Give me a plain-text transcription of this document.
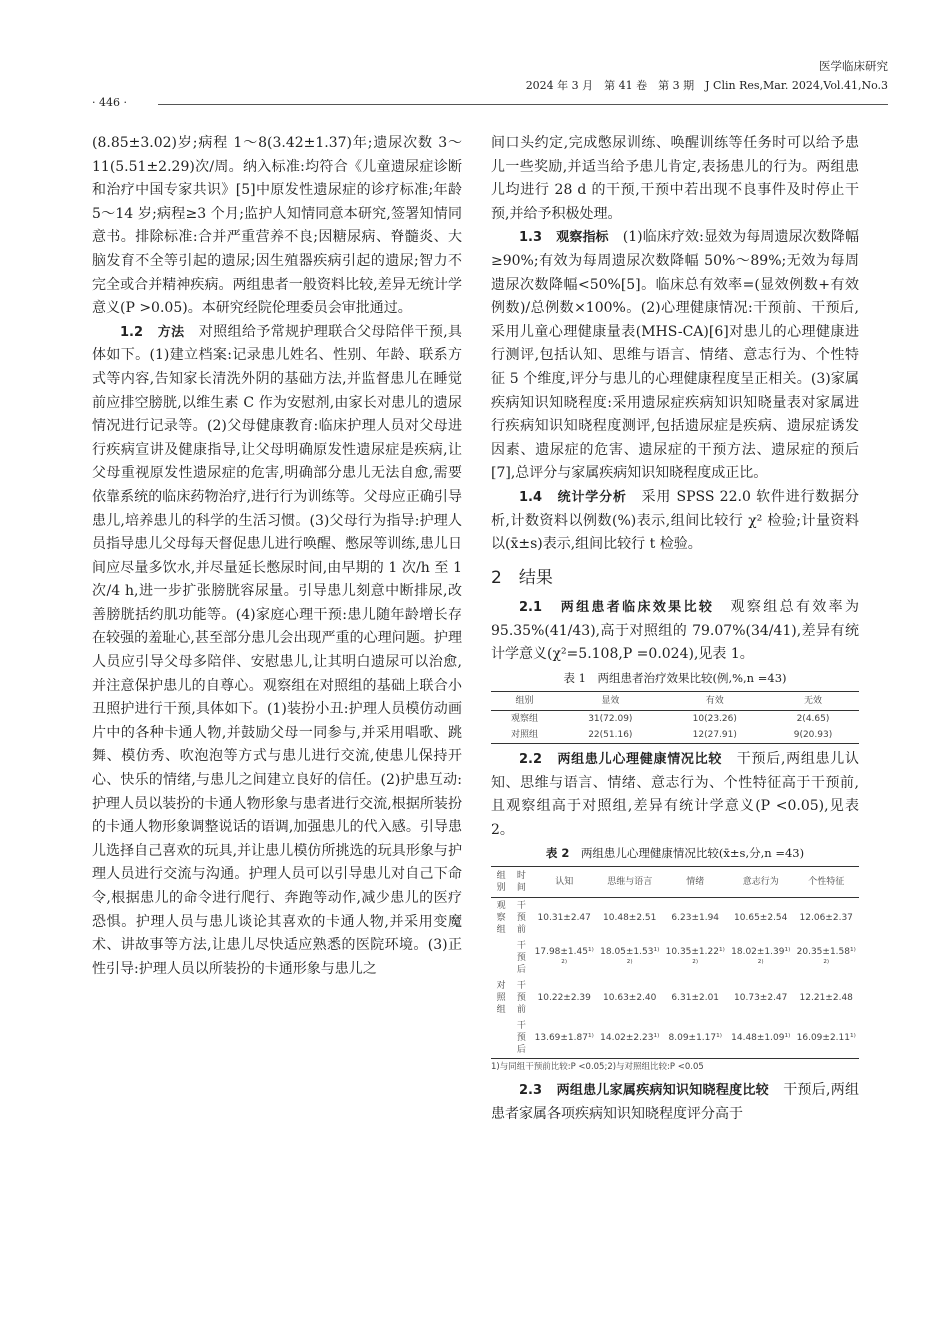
医学临床研究
2024 年 3 月　第 41 卷　第 3 期　J Clin Res,Mar. 2024,Vol.41,No.3
· 446 ·

(8.85±3.02)岁;病程 1～8(3.42±1.37)年;遗尿次数 3～11(5.51±2.29)次/周。纳入标准:均符合《儿童遗尿症诊断和治疗中国专家共识》[5]中原发性遗尿症的诊疗标准;年龄 5～14 岁;病程≥3 个月;监护人知情同意本研究,签署知情同意书。排除标准:合并严重营养不良;因糖尿病、脊髓炎、大脑发育不全等引起的遗尿;因生殖器疾病引起的遗尿;智力不完全或合并精神疾病。两组患者一般资料比较,差异无统计学意义(P >0.05)。本研究经院伦理委员会审批通过。

1.2　 方法　 对照组给予常规护理联合父母陪伴干预,具体如下。(1)建立档案:记录患儿姓名、性别、年龄、联系方式等内容,告知家长清洗外阴的基础方法,并监督患儿在睡觉前应排空膀胱,以维生素 C 作为安慰剂,由家长对患儿的遗尿情况进行记录等。(2)父母健康教育:临床护理人员对父母进行疾病宣讲及健康指导,让父母明确原发性遗尿症是疾病,让父母重视原发性遗尿症的危害,明确部分患儿无法自愈,需要依靠系统的临床药物治疗,进行行为训练等。父母应正确引导患儿,培养患儿的科学的生活习惯。(3)父母行为指导:护理人员指导患儿父母每天督促患儿进行唤醒、憋尿等训练,患儿日间应尽量多饮水,并尽量延长憋尿时间,由早期的 1 次/h 至 1 次/4 h,进一步扩张膀胱容尿量。引导患儿刻意中断排尿,改善膀胱括约肌功能等。(4)家庭心理干预:患儿随年龄增长存在较强的羞耻心,甚至部分患儿会出现严重的心理问题。护理人员应引导父母多陪伴、安慰患儿,让其明白遗尿可以治愈,并注意保护患儿的自尊心。观察组在对照组的基础上联合小丑照护进行干预,具体如下。(1)装扮小丑:护理人员模仿动画片中的各种卡通人物,并鼓励父母一同参与,并采用唱歌、跳舞、模仿秀、吹泡泡等方式与患儿进行交流,使患儿保持开心、快乐的情绪,与患儿之间建立良好的信任。(2)护患互动:护理人员以装扮的卡通人物形象与患者进行交流,根据所装扮的卡通人物形象调整说话的语调,加强患儿的代入感。引导患儿选择自己喜欢的玩具,并让患儿模仿所挑选的玩具形象与护理人员进行交流与沟通。护理人员可以引导患儿对自己下命令,根据患儿的命令进行爬行、奔跑等动作,减少患儿的医疗恐惧。护理人员与患儿谈论其喜欢的卡通人物,并采用变魔术、讲故事等方法,让患儿尽快适应熟悉的医院环境。(3)正性引导:护理人员以所装扮的卡通形象与患儿之

间口头约定,完成憋尿训练、唤醒训练等任务时可以给予患儿一些奖励,并适当给予患儿肯定,表扬患儿的行为。两组患儿均进行 28 d 的干预,干预中若出现不良事件及时停止干预,并给予积极处理。

1.3　 观察指标　 (1)临床疗效:显效为每周遗尿次数降幅≥90%;有效为每周遗尿次数降幅 50%～89%;无效为每周遗尿次数降幅<50%[5]。临床总有效率=(显效例数+有效例数)/总例数×100%。(2)心理健康情况:干预前、干预后,采用儿童心理健康量表(MHS-CA)[6]对患儿的心理健康进行测评,包括认知、思维与语言、情绪、意志行为、个性特征 5 个维度,评分与患儿的心理健康程度呈正相关。(3)家属疾病知识知晓程度:采用遗尿症疾病知识知晓量表对家属进行疾病知识知晓程度测评,包括遗尿症是疾病、遗尿症诱发因素、遗尿症的危害、遗尿症的干预方法、遗尿症的预后[7],总评分与家属疾病知识知晓程度成正比。

1.4　 统计学分析　 采用 SPSS 22.0 软件进行数据分析,计数资料以例数(%)表示,组间比较行 χ² 检验;计量资料以(x̄±s)表示,组间比较行 t 检验。

2　结果

2.1　 两组患者临床效果比较　 观察组总有效率为 95.35%(41/43),高于对照组的 79.07%(34/41),差异有统计学意义(χ²=5.108,P =0.024),见表 1。

表 1　两组患者治疗效果比较(例,%,n =43)
组别	显效	有效	无效
观察组	31(72.09)	10(23.26)	2(4.65)
对照组	22(51.16)	12(27.91)	9(20.93)

2.2　 两组患儿心理健康情况比较　 干预后,两组患儿认知、思维与语言、情绪、意志行为、个性特征高于干预前,且观察组高于对照组,差异有统计学意义(P <0.05),见表 2。

表 2　 两组患儿心理健康情况比较(x̄±s,分,n =43)
组别	时间	认知	思维与语言	情绪	意志行为	个性特征
观察组	干预前	10.31±2.47	10.48±2.51	6.23±1.94	10.65±2.54	12.06±2.37
	干预后	17.98±1.45¹⁾²⁾	18.05±1.53¹⁾²⁾	10.35±1.22¹⁾²⁾	18.02±1.39¹⁾²⁾	20.35±1.58¹⁾²⁾
对照组	干预前	10.22±2.39	10.63±2.40	6.31±2.01	10.73±2.47	12.21±2.48
	干预后	13.69±1.87¹⁾	14.02±2.23¹⁾	8.09±1.17¹⁾	14.48±1.09¹⁾	16.09±2.11¹⁾
1)与同组干预前比较:P <0.05;2)与对照组比较:P <0.05

2.3　 两组患儿家属疾病知识知晓程度比较　 干预后,两组患者家属各项疾病知识知晓程度评分高于
